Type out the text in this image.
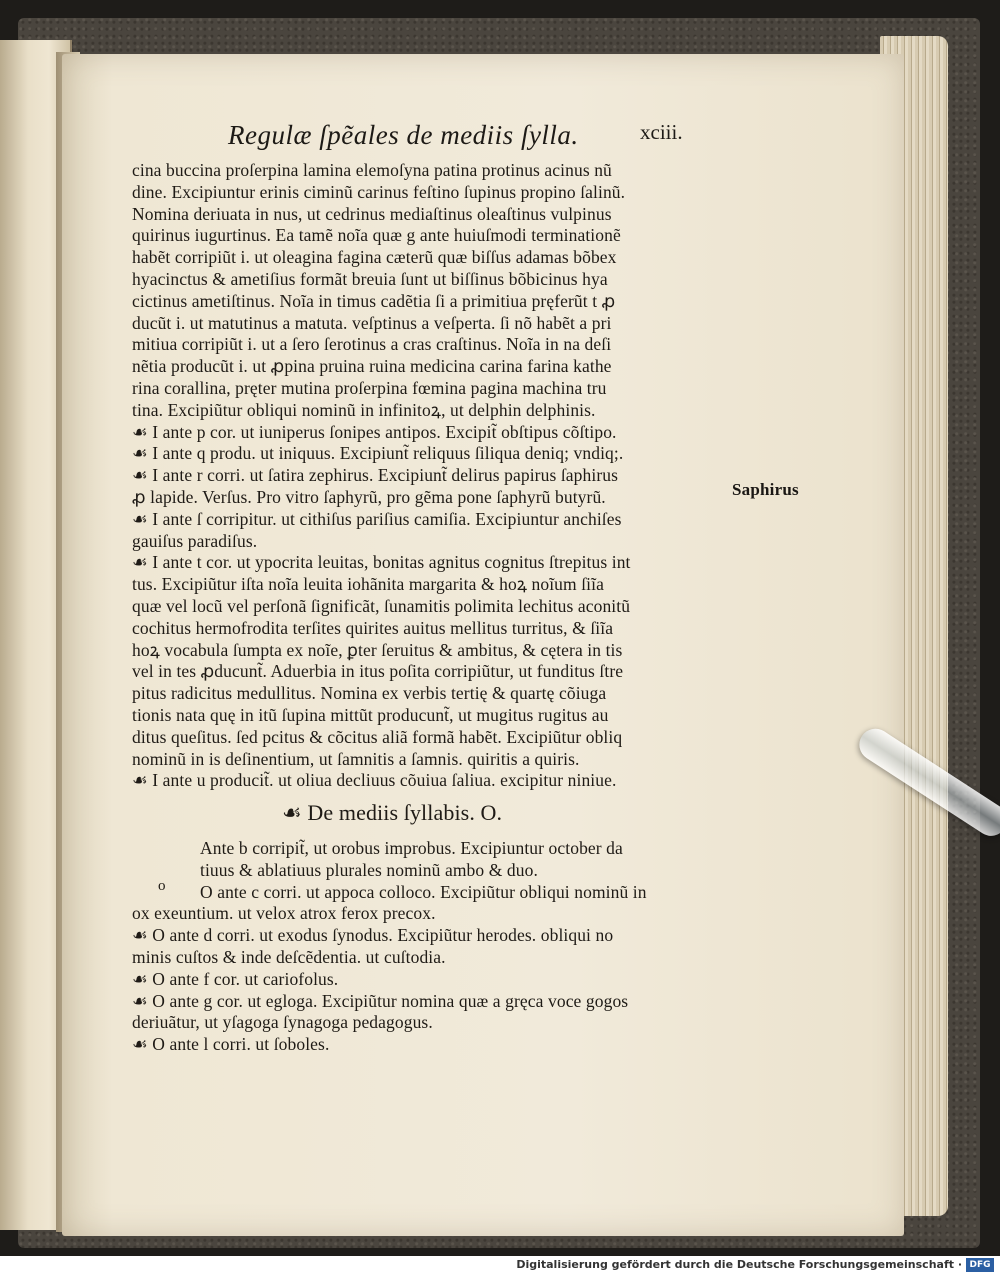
Regulæ ſpẽales de mediis ſylla.	xciii.
cina buccina proſerpina lamina elemoſyna patina protinus acinus nũ
dine. Excipiuntur erinis ciminũ carinus feſtino ſupinus propino ſalinũ.
Nomina deriuata in nus, ut cedrinus mediaſtinus oleaſtinus vulpinus
quirinus iugurtinus. Ea tamẽ noĩa quæ g ante huiuſmodi terminationẽ
habẽt corripiũt i. ut oleagina fagina cæterũ quæ biſſus adamas bõbex
hyacinctus & ametiſius formãt breuia ſunt ut biſſinus bõbicinus hya
cictinus ametiſtinus. Noĩa in timus cadẽtia ſi a primitiua pręferũt t ꝓ
ducũt i. ut matutinus a matuta. veſptinus a veſperta. ſi nõ habẽt a pri
mitiua corripiũt i. ut a ſero ſerotinus a cras craſtinus. Noĩa in na deſi
nẽtia producũt i. ut ꝓpina pruina ruina medicina carina farina kathe
rina corallina, pręter mutina proſerpina fœmina pagina machina tru
tina. Excipiũtur obliqui nominũ in infinitoꝝ, ut delphin delphinis.
☙ I ante p cor. ut iuniperus ſonipes antipos. Excipit̃ obſtipus cõſtipo.
☙ I ante q produ. ut iniquus. Excipiunt̃ reliquus ſiliqua deniq; vndiq;.
☙ I ante r corri. ut ſatira zephirus. Excipiunt̃ delirus papirus ſaphirus
ꝓ lapide. Verſus. Pro vitro ſaphyrũ, pro gẽma pone ſaphyrũ butyrũ.
☙ I ante ſ corripitur. ut cithiſus pariſius camiſia. Excipiuntur anchiſes
gauiſus paradiſus.
☙ I ante t cor. ut ypocrita leuitas, bonitas agnitus cognitus ſtrepitus int
tus. Excipiũtur iſta noĩa leuita iohãnita margarita & hoꝝ noĩum ſiĩa
quæ vel locũ vel perſonã ſignificãt, ſunamitis polimita lechitus aconitũ
cochitus hermofrodita terſites quirites auitus mellitus turritus, & ſiĩa
hoꝝ vocabula ſumpta ex noĩe, ꝑter ſeruitus & ambitus, & cętera in tis
vel in tes ꝓducunt̃. Aduerbia in itus poſita corripiũtur, ut funditus ſtre
pitus radicitus medullitus. Nomina ex verbis tertię & quartę cõiuga
tionis nata quę in itũ ſupina mittũt producunt̃, ut mugitus rugitus au
ditus queſitus. ſed pcitus & cõcitus aliã formã habẽt. Excipiũtur obliq
nominũ in is deſinentium, ut ſamnitis a ſamnis. quiritis a quiris.
☙ I ante u producit̃. ut oliua decliuus cõuiua ſaliua. excipitur niniue.
☙ De mediis ſyllabis. O.
Ante b corripit̃, ut orobus improbus. Excipiuntur october da
tiuus & ablatiuus plurales nominũ ambo & duo.
O ante c corri. ut appoca colloco. Excipiũtur obliqui nominũ in
ox exeuntium. ut velox atrox ferox precox.
☙ O ante d corri. ut exodus ſynodus. Excipiũtur herodes. obliqui no
minis cuſtos & inde deſcẽdentia. ut cuſtodia.
☙ O ante f cor. ut cariofolus.
☙ O ante g cor. ut egloga. Excipiũtur nomina quæ a gręca voce gogos
deriuãtur, ut yſagoga ſynagoga pedagogus.
☙ O ante l corri. ut ſoboles.
o
Saphirus
Digitalisierung gefördert durch die Deutsche Forschungsgemeinschaft · DFG
